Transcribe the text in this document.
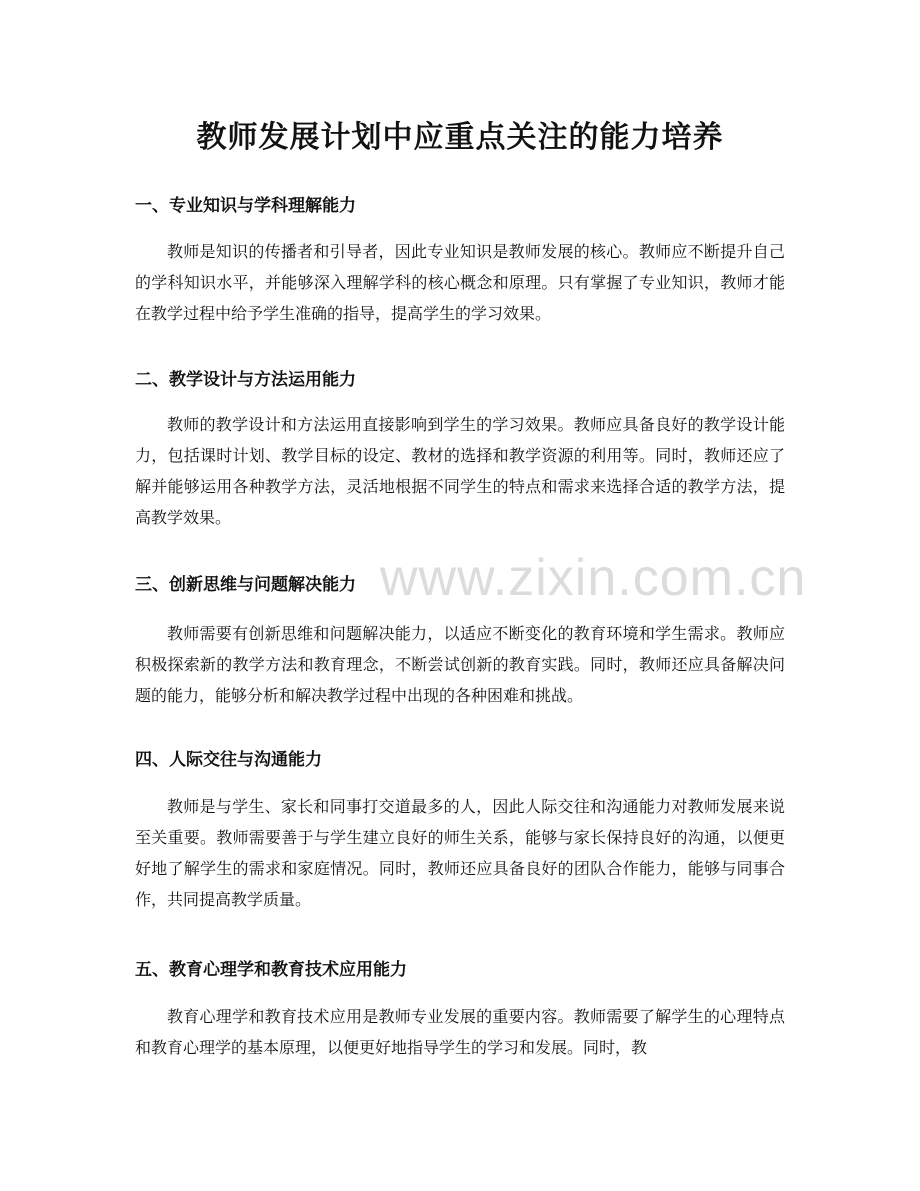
www.zixin.com.cn
教师发展计划中应重点关注的能力培养
一、专业知识与学科理解能力

教师是知识的传播者和引导者，因此专业知识是教师发展的核心。教师应不断提升自己的学科知识水平，并能够深入理解学科的核心概念和原理。只有掌握了专业知识，教师才能在教学过程中给予学生准确的指导，提高学生的学习效果。

二、教学设计与方法运用能力

教师的教学设计和方法运用直接影响到学生的学习效果。教师应具备良好的教学设计能力，包括课时计划、教学目标的设定、教材的选择和教学资源的利用等。同时，教师还应了解并能够运用各种教学方法，灵活地根据不同学生的特点和需求来选择合适的教学方法，提高教学效果。

三、创新思维与问题解决能力

教师需要有创新思维和问题解决能力，以适应不断变化的教育环境和学生需求。教师应积极探索新的教学方法和教育理念，不断尝试创新的教育实践。同时，教师还应具备解决问题的能力，能够分析和解决教学过程中出现的各种困难和挑战。

四、人际交往与沟通能力

教师是与学生、家长和同事打交道最多的人，因此人际交往和沟通能力对教师发展来说至关重要。教师需要善于与学生建立良好的师生关系，能够与家长保持良好的沟通，以便更好地了解学生的需求和家庭情况。同时，教师还应具备良好的团队合作能力，能够与同事合作，共同提高教学质量。

五、教育心理学和教育技术应用能力

教育心理学和教育技术应用是教师专业发展的重要内容。教师需要了解学生的心理特点和教育心理学的基本原理，以便更好地指导学生的学习和发展。同时，教
